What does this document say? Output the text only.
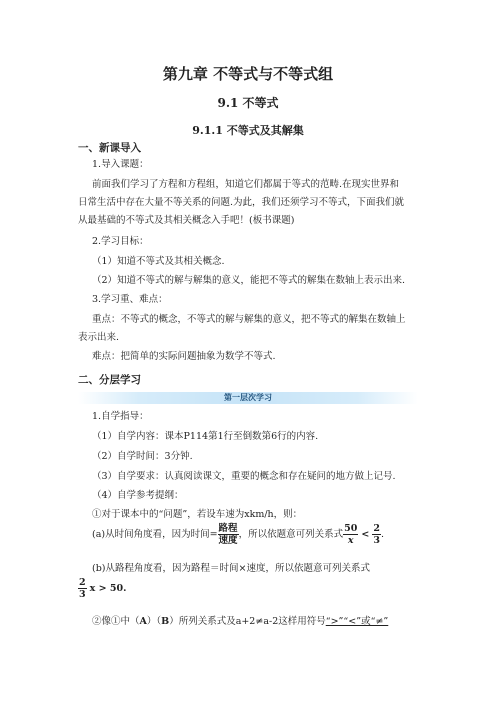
第九章 不等式与不等式组
9.1 不等式
9.1.1 不等式及其解集
一、新课导入
1.导入课题：
前面我们学习了方程和方程组，知道它们都属于等式的范畴.在现实世界和
日常生活中存在大量不等关系的问题.为此，我们还须学习不等式，下面我们就
从最基础的不等式及其相关概念入手吧！(板书课题)
2.学习目标：
（1）知道不等式及其相关概念.
（2）知道不等式的解与解集的意义，能把不等式的解集在数轴上表示出来.
3.学习重、难点：
重点：不等式的概念，不等式的解与解集的意义，把不等式的解集在数轴上
表示出来.
难点：把简单的实际问题抽象为数学不等式.
二、分层学习
第一层次学习
1.自学指导：
（1）自学内容：课本P114第1行至倒数第6行的内容.
（2）自学时间：3分钟.
（3）自学要求：认真阅读课文，重要的概念和存在疑问的地方做上记号.
（4）自学参考提纲：
①对于课本中的“问题”，若设车速为xkm/h，则：
(a)从时间角度看，因为时间= $\frac{\text{路程}}{\text{速度}}$ ，所以依题意可列关系式 $\frac{50}{x} < \frac{2}{3}$ .
(b)从路程角度看，因为路程＝时间×速度，所以依题意可列关系式
$\frac{2}{3}$ x > 50.
②像①中（A）（B）所列关系式及a+2≠a-2这样用符号“>”“<”或“≠”
